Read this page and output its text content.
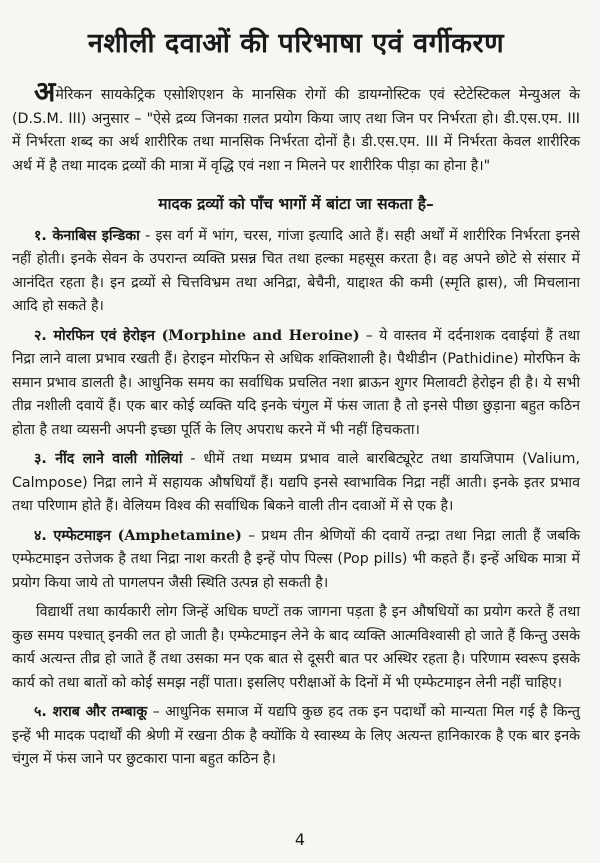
नशीली दवाओं की परिभाषा एवं वर्गीकरण

अमेरिकन सायकेट्रिक एसोशिएशन के मानसिक रोगों की डायग्नोस्टिक एवं स्टेटेस्टिकल मेन्युअल के (D.S.M. III) अनुसार – "ऐसे द्रव्य जिनका ग़लत प्रयोग किया जाए तथा जिन पर निर्भरता हो। डी.एस.एम. III में निर्भरता शब्द का अर्थ शारीरिक तथा मानसिक निर्भरता दोनों है। डी.एस.एम. III में निर्भरता केवल शारीरिक अर्थ में है तथा मादक द्रव्यों की मात्रा में वृद्धि एवं नशा न मिलने पर शारीरिक पीड़ा का होना है।"

मादक द्रव्यों को पाँच भागों में बांटा जा सकता है–

१. केनाबिस इन्डिका - इस वर्ग में भांग, चरस, गांजा इत्यादि आते हैं। सही अर्थों में शारीरिक निर्भरता इनसे नहीं होती। इनके सेवन के उपरान्त व्यक्ति प्रसन्न चित तथा हल्का महसूस करता है। वह अपने छोटे से संसार में आनंदित रहता है। इन द्रव्यों से चित्तविभ्रम तथा अनिद्रा, बेचैनी, याद्दाश्त की कमी (स्मृति ह्रास), जी मिचलाना आदि हो सकते है।

२. मोरफिन एवं हेरोइन (Morphine and Heroine) – ये वास्तव में दर्दनाशक दवाईयां हैं तथा निद्रा लाने वाला प्रभाव रखती हैं। हेराइन मोरफिन से अधिक शक्तिशाली है। पैथीडीन (Pathidine) मोरफिन के समान प्रभाव डालती है। आधुनिक समय का सर्वाधिक प्रचलित नशा ब्राऊन शुगर मिलावटी हेरोइन ही है। ये सभी तीव्र नशीली दवायें हैं। एक बार कोई व्यक्ति यदि इनके चंगुल में फंस जाता है तो इनसे पीछा छुड़ाना बहुत कठिन होता है तथा व्यसनी अपनी इच्छा पूर्ति के लिए अपराध करने में भी नहीं हिचकता।

३. नींद लाने वाली गोलियां - धीमें तथा मध्यम प्रभाव वाले बारबिट्यूरेट तथा डायजिपाम (Valium, Calmpose) निद्रा लाने में सहायक औषधियाँ हैं। यद्यपि इनसे स्वाभाविक निद्रा नहीं आती। इनके इतर प्रभाव तथा परिणाम होते हैं। वेलियम विश्व की सर्वाधिक बिकने वाली तीन दवाओं में से एक है।

४. एम्फेटमाइन (Amphetamine) – प्रथम तीन श्रेणियों की दवायें तन्द्रा तथा निद्रा लाती हैं जबकि एम्फेटमाइन उत्तेजक है तथा निद्रा नाश करती है इन्हें पोप पिल्स (Pop pills) भी कहते हैं। इन्हें अधिक मात्रा में प्रयोग किया जाये तो पागलपन जैसी स्थिति उत्पन्न हो सकती है।

विद्यार्थी तथा कार्यकारी लोग जिन्हें अधिक घण्टों तक जागना पड़ता है इन औषधियों का प्रयोग करते हैं तथा कुछ समय पश्चात् इनकी लत हो जाती है। एम्फेटमाइन लेने के बाद व्यक्ति आत्मविश्वासी हो जाते हैं किन्तु उसके कार्य अत्यन्त तीव्र हो जाते हैं तथा उसका मन एक बात से दूसरी बात पर अस्थिर रहता है। परिणाम स्वरूप इसके कार्य को तथा बातों को कोई समझ नहीं पाता। इसलिए परीक्षाओं के दिनों में भी एम्फेटमाइन लेनी नहीं चाहिए।

५. शराब और तम्बाकू – आधुनिक समाज में यद्यपि कुछ हद तक इन पदार्थों को मान्यता मिल गई है किन्तु इन्हें भी मादक पदार्थों की श्रेणी में रखना ठीक है क्योंकि ये स्वास्थ्य के लिए अत्यन्त हानिकारक है एक बार इनके चंगुल में फंस जाने पर छुटकारा पाना बहुत कठिन है।

4
